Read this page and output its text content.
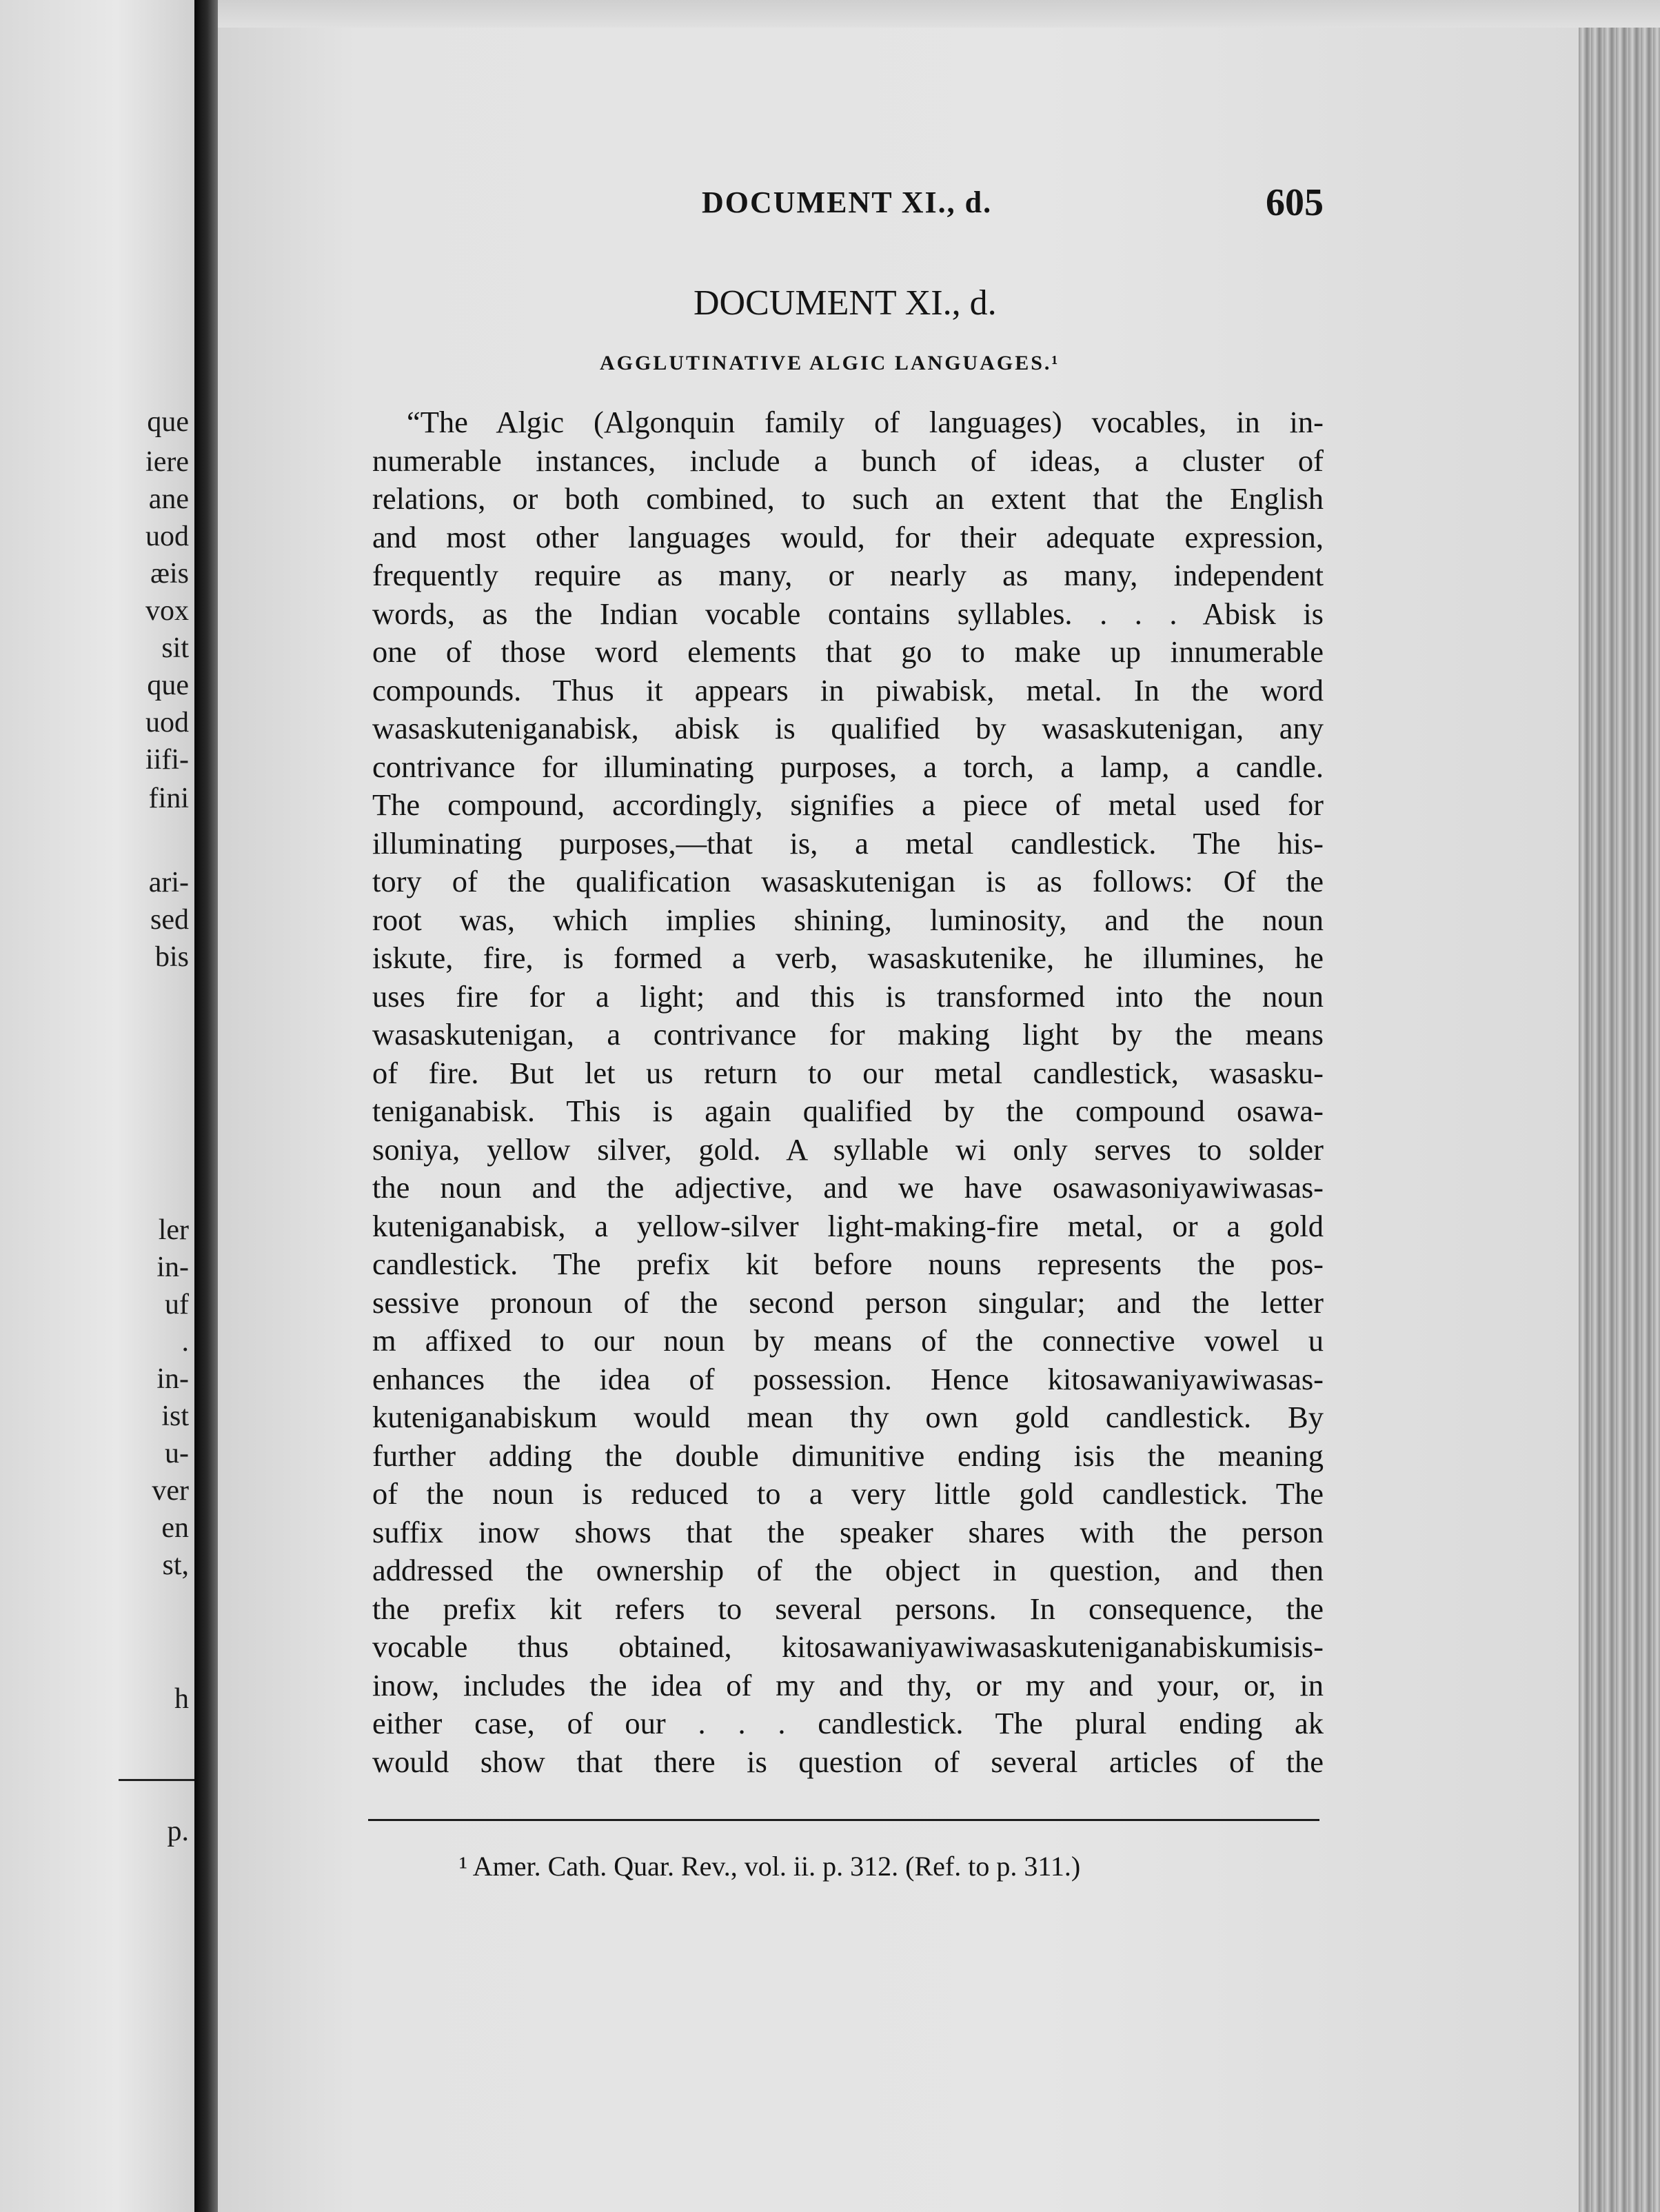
que
iere
ane
uod
æis
vox
sit
que
uod
iifi-
fini
ari-
sed
bis
ler
in-
uf
.
in-
ist
u-
ver
en
st,
h
p.
DOCUMENT XI., d.	605
DOCUMENT XI., d.
AGGLUTINATIVE ALGIC LANGUAGES.¹
“The Algic (Algonquin family of languages) vocables, in in-
numerable instances, include a bunch of ideas, a cluster of
relations, or both combined, to such an extent that the English
and most other languages would, for their adequate expression,
frequently require as many, or nearly as many, independent
words, as the Indian vocable contains syllables. . . . Abisk is
one of those word elements that go to make up innumerable
compounds. Thus it appears in piwabisk, metal. In the word
wasaskuteniganabisk, abisk is qualified by wasaskutenigan, any
contrivance for illuminating purposes, a torch, a lamp, a candle.
The compound, accordingly, signifies a piece of metal used for
illuminating purposes,—that is, a metal candlestick. The his-
tory of the qualification wasaskutenigan is as follows: Of the
root was, which implies shining, luminosity, and the noun
iskute, fire, is formed a verb, wasaskutenike, he illumines, he
uses fire for a light; and this is transformed into the noun
wasaskutenigan, a contrivance for making light by the means
of fire. But let us return to our metal candlestick, wasasku-
teniganabisk. This is again qualified by the compound osawa-
soniya, yellow silver, gold. A syllable wi only serves to solder
the noun and the adjective, and we have osawasoniyawiwasas-
kuteniganabisk, a yellow-silver light-making-fire metal, or a gold
candlestick. The prefix kit before nouns represents the pos-
sessive pronoun of the second person singular; and the letter
m affixed to our noun by means of the connective vowel u
enhances the idea of possession. Hence kitosawaniyawiwasas-
kuteniganabiskum would mean thy own gold candlestick. By
further adding the double dimunitive ending isis the meaning
of the noun is reduced to a very little gold candlestick. The
suffix inow shows that the speaker shares with the person
addressed the ownership of the object in question, and then
the prefix kit refers to several persons. In consequence, the
vocable thus obtained, kitosawaniyawiwasaskuteniganabiskumisis-
inow, includes the idea of my and thy, or my and your, or, in
either case, of our . . . candlestick. The plural ending ak
would show that there is question of several articles of the
¹ Amer. Cath. Quar. Rev., vol. ii. p. 312. (Ref. to p. 311.)
